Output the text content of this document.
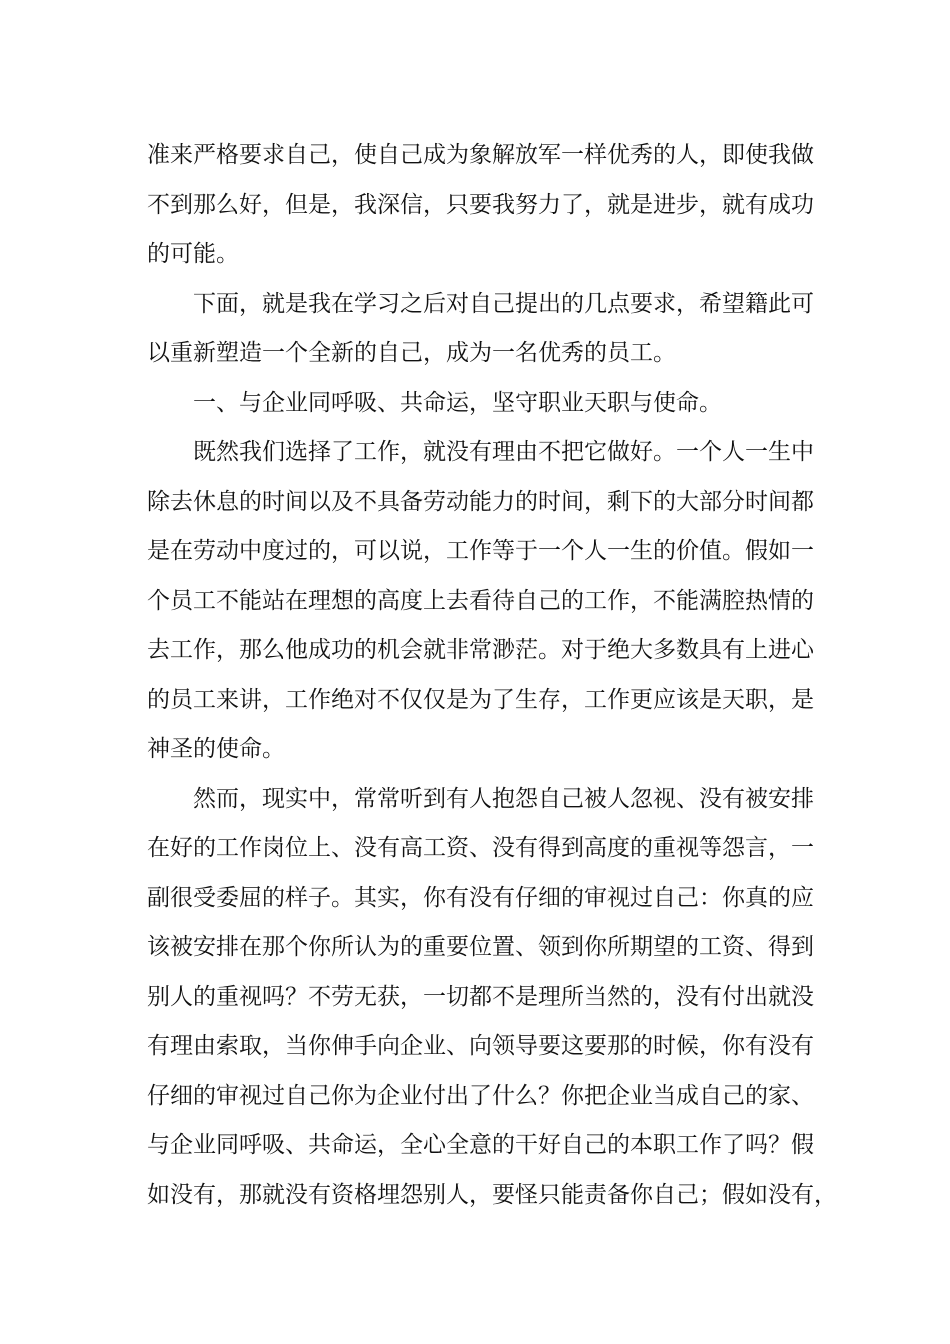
准来严格要求自己，使自己成为象解放军一样优秀的人，即使我做
不到那么好，但是，我深信，只要我努力了，就是进步，就有成功
的可能。
下面，就是我在学习之后对自己提出的几点要求，希望籍此可
以重新塑造一个全新的自己，成为一名优秀的员工。
一、与企业同呼吸、共命运，坚守职业天职与使命。
既然我们选择了工作，就没有理由不把它做好。一个人一生中
除去休息的时间以及不具备劳动能力的时间，剩下的大部分时间都
是在劳动中度过的，可以说，工作等于一个人一生的价值。假如一
个员工不能站在理想的高度上去看待自己的工作，不能满腔热情的
去工作，那么他成功的机会就非常渺茫。对于绝大多数具有上进心
的员工来讲，工作绝对不仅仅是为了生存，工作更应该是天职，是
神圣的使命。
然而，现实中，常常听到有人抱怨自己被人忽视、没有被安排
在好的工作岗位上、没有高工资、没有得到高度的重视等怨言，一
副很受委屈的样子。其实，你有没有仔细的审视过自己：你真的应
该被安排在那个你所认为的重要位置、领到你所期望的工资、得到
别人的重视吗？不劳无获，一切都不是理所当然的，没有付出就没
有理由索取，当你伸手向企业、向领导要这要那的时候，你有没有
仔细的审视过自己你为企业付出了什么？你把企业当成自己的家、
与企业同呼吸、共命运，全心全意的干好自己的本职工作了吗？假
如没有，那就没有资格埋怨别人，要怪只能责备你自己；假如没有，
